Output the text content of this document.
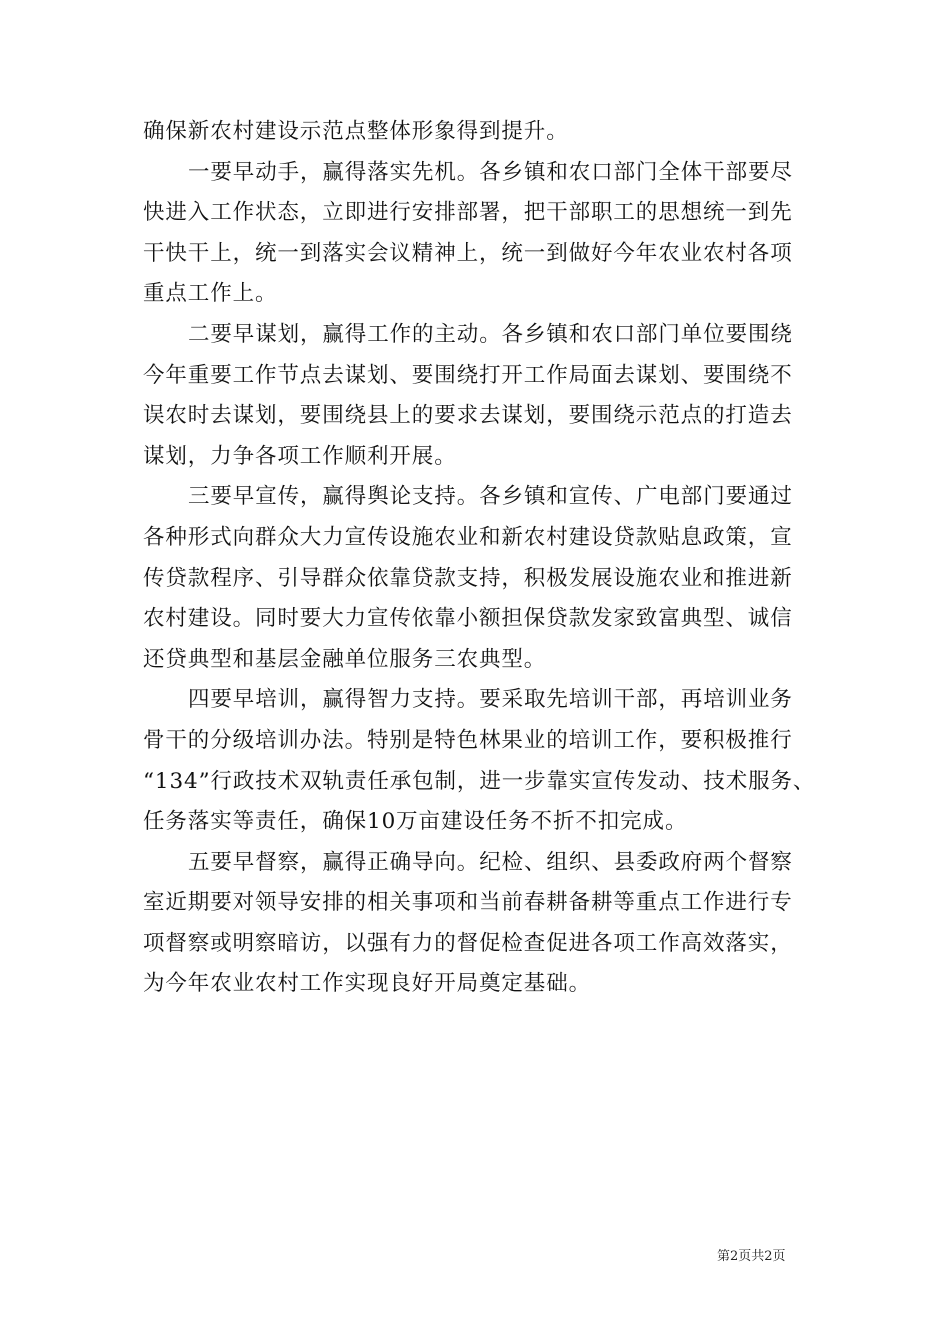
确保新农村建设示范点整体形象得到提升。

一要早动手，赢得落实先机。各乡镇和农口部门全体干部要尽
快进入工作状态，立即进行安排部署，把干部职工的思想统一到先
干快干上，统一到落实会议精神上，统一到做好今年农业农村各项
重点工作上。

二要早谋划，赢得工作的主动。各乡镇和农口部门单位要围绕
今年重要工作节点去谋划、要围绕打开工作局面去谋划、要围绕不
误农时去谋划，要围绕县上的要求去谋划，要围绕示范点的打造去
谋划，力争各项工作顺利开展。

三要早宣传，赢得舆论支持。各乡镇和宣传、广电部门要通过
各种形式向群众大力宣传设施农业和新农村建设贷款贴息政策，宣
传贷款程序、引导群众依靠贷款支持，积极发展设施农业和推进新
农村建设。同时要大力宣传依靠小额担保贷款发家致富典型、诚信
还贷典型和基层金融单位服务三农典型。

四要早培训，赢得智力支持。要采取先培训干部，再培训业务
骨干的分级培训办法。特别是特色林果业的培训工作，要积极推行
“134”行政技术双轨责任承包制，进一步靠实宣传发动、技术服务、
任务落实等责任，确保10万亩建设任务不折不扣完成。

五要早督察，赢得正确导向。纪检、组织、县委政府两个督察
室近期要对领导安排的相关事项和当前春耕备耕等重点工作进行专
项督察或明察暗访，以强有力的督促检查促进各项工作高效落实，
为今年农业农村工作实现良好开局奠定基础。

第2页共2页
